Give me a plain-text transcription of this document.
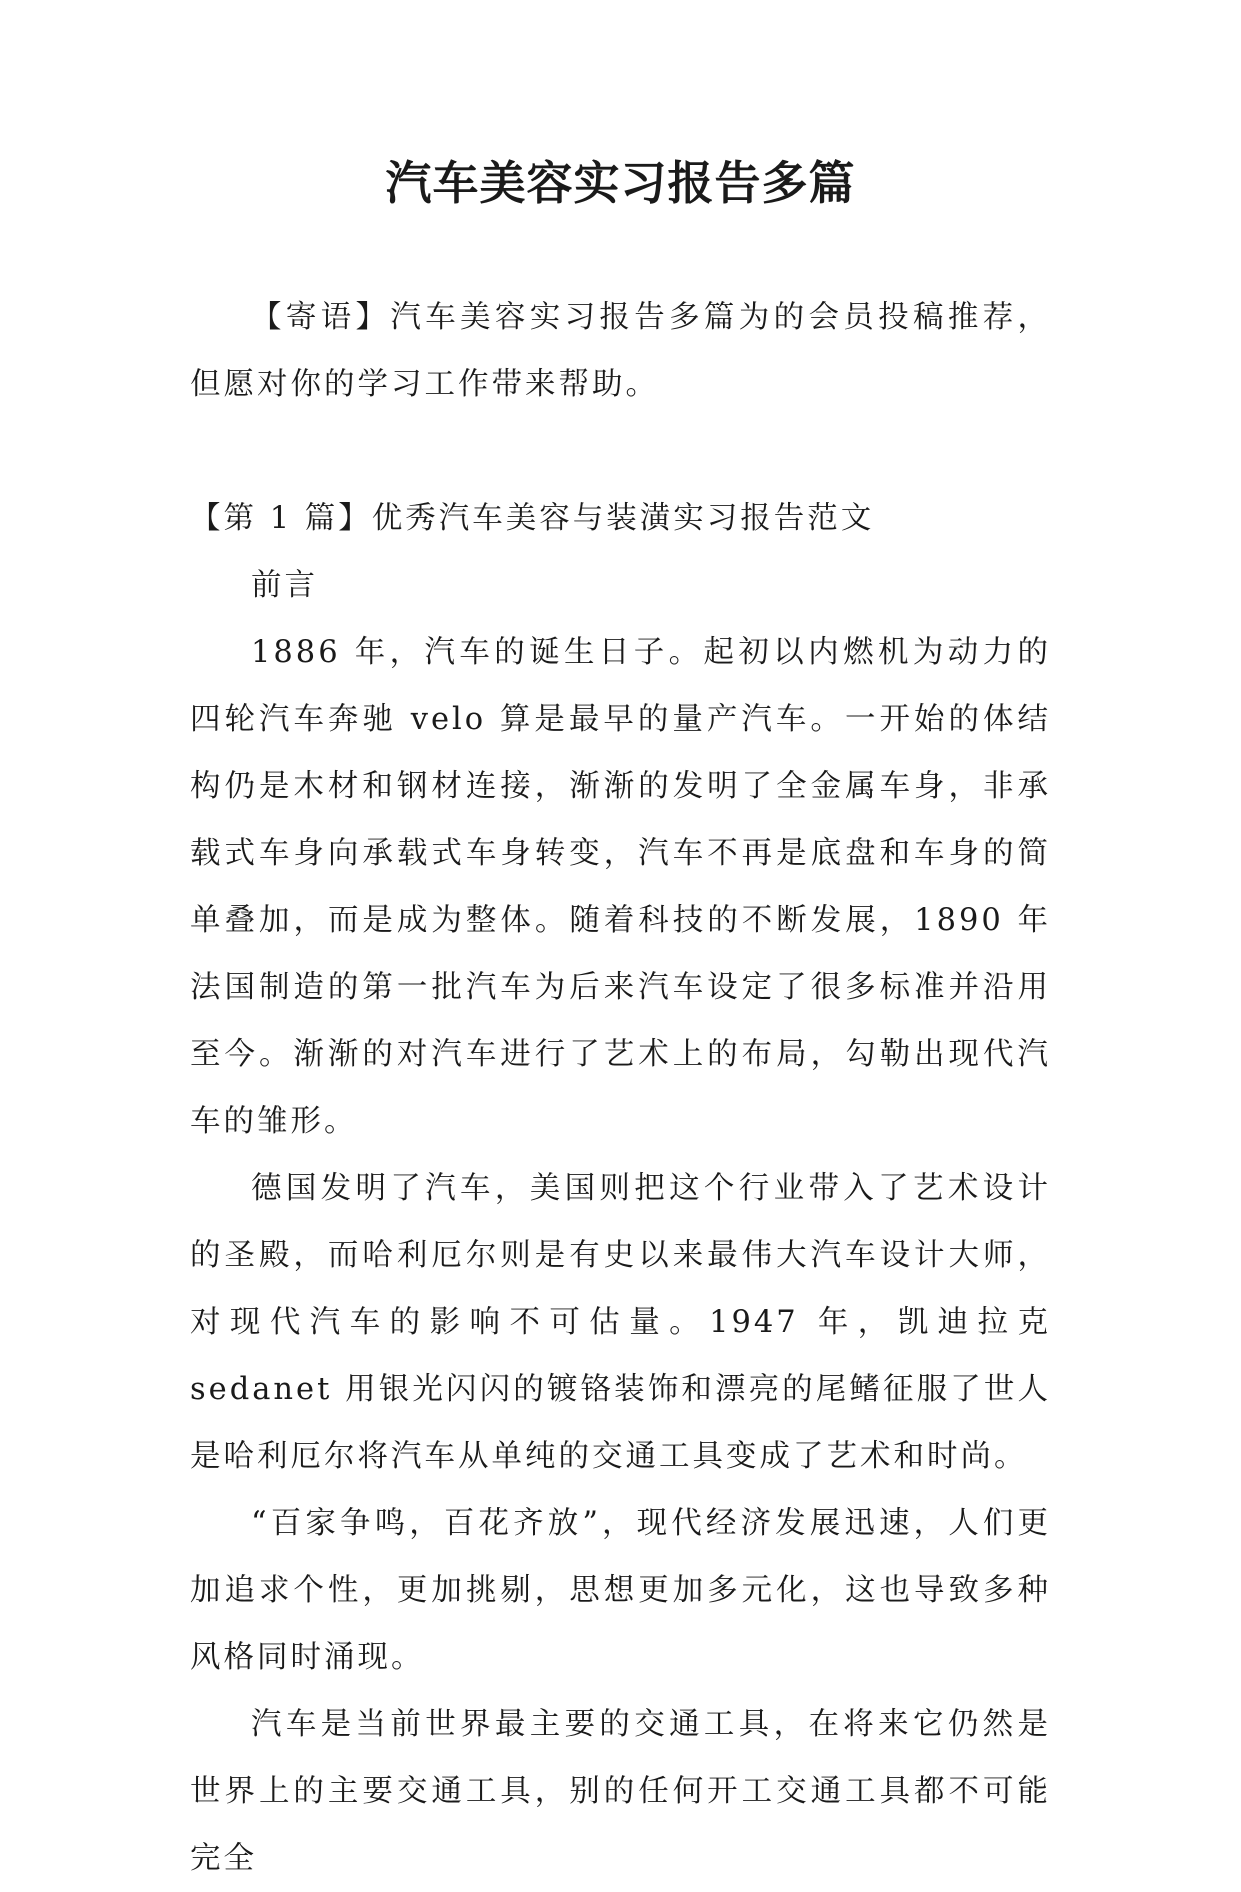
汽车美容实习报告多篇

【寄语】汽车美容实习报告多篇为的会员投稿推荐，但愿对你的学习工作带来帮助。

【第 1 篇】优秀汽车美容与装潢实习报告范文

前言

1886 年，汽车的诞生日子。起初以内燃机为动力的四轮汽车奔驰 velo 算是最早的量产汽车。一开始的体结构仍是木材和钢材连接，渐渐的发明了全金属车身，非承载式车身向承载式车身转变，汽车不再是底盘和车身的简单叠加，而是成为整体。随着科技的不断发展，1890 年法国制造的第一批汽车为后来汽车设定了很多标准并沿用至今。渐渐的对汽车进行了艺术上的布局，勾勒出现代汽车的雏形。

德国发明了汽车，美国则把这个行业带入了艺术设计的圣殿，而哈利厄尔则是有史以来最伟大汽车设计大师，对现代汽车的影响不可估量。1947 年，凯迪拉克 sedanet 用银光闪闪的镀铬装饰和漂亮的尾鳍征服了世人是哈利厄尔将汽车从单纯的交通工具变成了艺术和时尚。

“百家争鸣，百花齐放”，现代经济发展迅速，人们更加追求个性，更加挑剔，思想更加多元化，这也导致多种风格同时涌现。

汽车是当前世界最主要的交通工具，在将来它仍然是世界上的主要交通工具，别的任何开工交通工具都不可能完全
